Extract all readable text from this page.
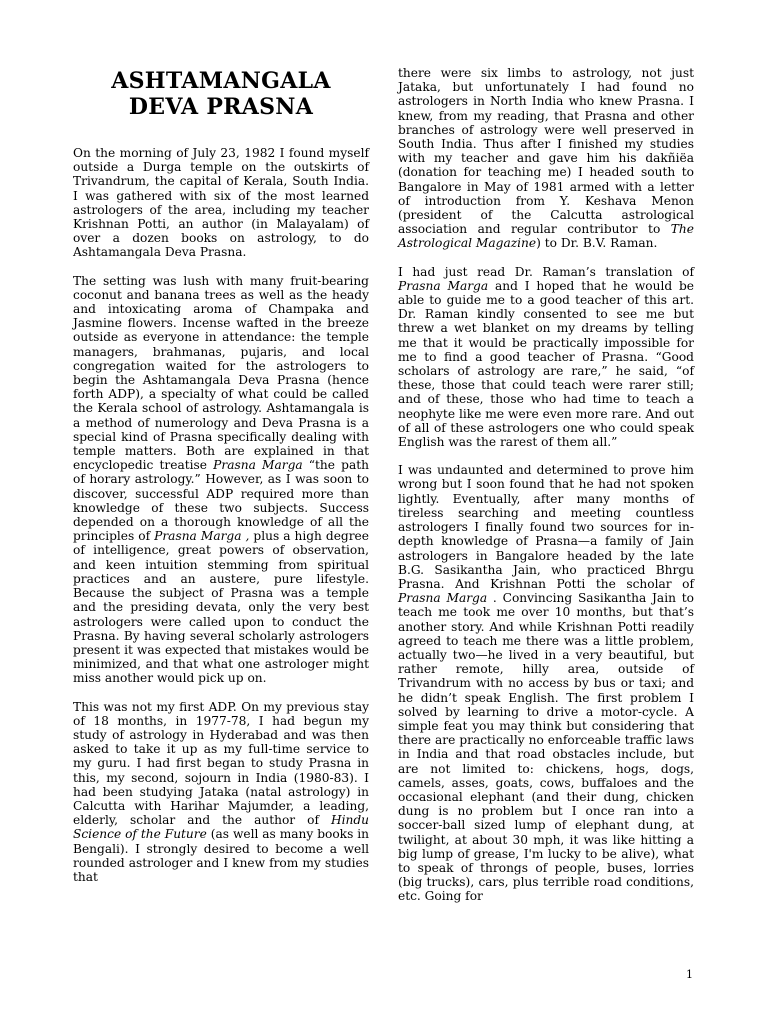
ASHTAMANGALA
DEVA PRASNA

On the morning of July 23, 1982 I found myself outside a Durga temple on the outskirts of Trivandrum, the capital of Kerala, South India. I was gathered with six of the most learned astrologers of the area, including my teacher Krishnan Potti, an author (in Malayalam) of over a dozen books on astrology, to do Ashtamangala Deva Prasna.

The setting was lush with many fruit-bearing coconut and banana trees as well as the heady and intoxicating aroma of Champaka and Jasmine flowers. Incense wafted in the breeze outside as everyone in attendance: the temple managers, brahmanas, pujaris, and local congregation waited for the astrologers to begin the Ashtamangala Deva Prasna (hence forth ADP), a specialty of what could be called the Kerala school of astrology. Ashtamangala is a method of numerology and Deva Prasna is a special kind of Prasna specifically dealing with temple matters. Both are explained in that encyclopedic treatise Prasna Marga “the path of horary astrology.” However, as I was soon to discover, successful ADP required more than knowledge of these two subjects. Success depended on a thorough knowledge of all the principles of Prasna Marga , plus a high degree of intelligence, great powers of observation, and keen intuition stemming from spiritual practices and an austere, pure lifestyle. Because the subject of Prasna was a temple and the presiding devata, only the very best astrologers were called upon to conduct the Prasna. By having several scholarly astrologers present it was expected that mistakes would be minimized, and that what one astrologer might miss another would pick up on.

This was not my first ADP. On my previous stay of 18 months, in 1977-78, I had begun my study of astrology in Hyderabad and was then asked to take it up as my full-time service to my guru. I had first began to study Prasna in this, my second, sojourn in India (1980-83). I had been studying Jataka (natal astrology) in Calcutta with Harihar Majumder, a leading, elderly, scholar and the author of Hindu Science of the Future (as well as many books in Bengali). I strongly desired to become a well rounded astrologer and I knew from my studies that

there were six limbs to astrology, not just Jataka, but unfortunately I had found no astrologers in North India who knew Prasna. I knew, from my reading, that Prasna and other branches of astrology were well preserved in South India. Thus after I finished my studies with my teacher and gave him his dakñiëa (donation for teaching me) I headed south to Bangalore in May of 1981 armed with a letter of introduction from Y. Keshava Menon (president of the Calcutta astrological association and regular contributor to The Astrological Magazine) to Dr. B.V. Raman.

I had just read Dr. Raman’s translation of Prasna Marga and I hoped that he would be able to guide me to a good teacher of this art. Dr. Raman kindly consented to see me but threw a wet blanket on my dreams by telling me that it would be practically impossible for me to find a good teacher of Prasna. “Good scholars of astrology are rare,” he said, “of these, those that could teach were rarer still; and of these, those who had time to teach a neophyte like me were even more rare. And out of all of these astrologers one who could speak English was the rarest of them all.”

I was undaunted and determined to prove him wrong but I soon found that he had not spoken lightly. Eventually, after many months of tireless searching and meeting countless astrologers I finally found two sources for in-depth knowledge of Prasna—a family of Jain astrologers in Bangalore headed by the late B.G. Sasikantha Jain, who practiced Bhrgu Prasna. And Krishnan Potti the scholar of Prasna Marga . Convincing Sasikantha Jain to teach me took me over 10 months, but that’s another story. And while Krishnan Potti readily agreed to teach me there was a little problem, actually two—he lived in a very beautiful, but rather remote, hilly area, outside of Trivandrum with no access by bus or taxi; and he didn’t speak English. The first problem I solved by learning to drive a motor-cycle. A simple feat you may think but considering that there are practically no enforceable traffic laws in India and that road obstacles include, but are not limited to: chickens, hogs, dogs, camels, asses, goats, cows, buffaloes and the occasional elephant (and their dung, chicken dung is no problem but I once ran into a soccer-ball sized lump of elephant dung, at twilight, at about 30 mph, it was like hitting a big lump of grease, I'm lucky to be alive), what to speak of throngs of people, buses, lorries (big trucks), cars, plus terrible road conditions, etc. Going for

1
